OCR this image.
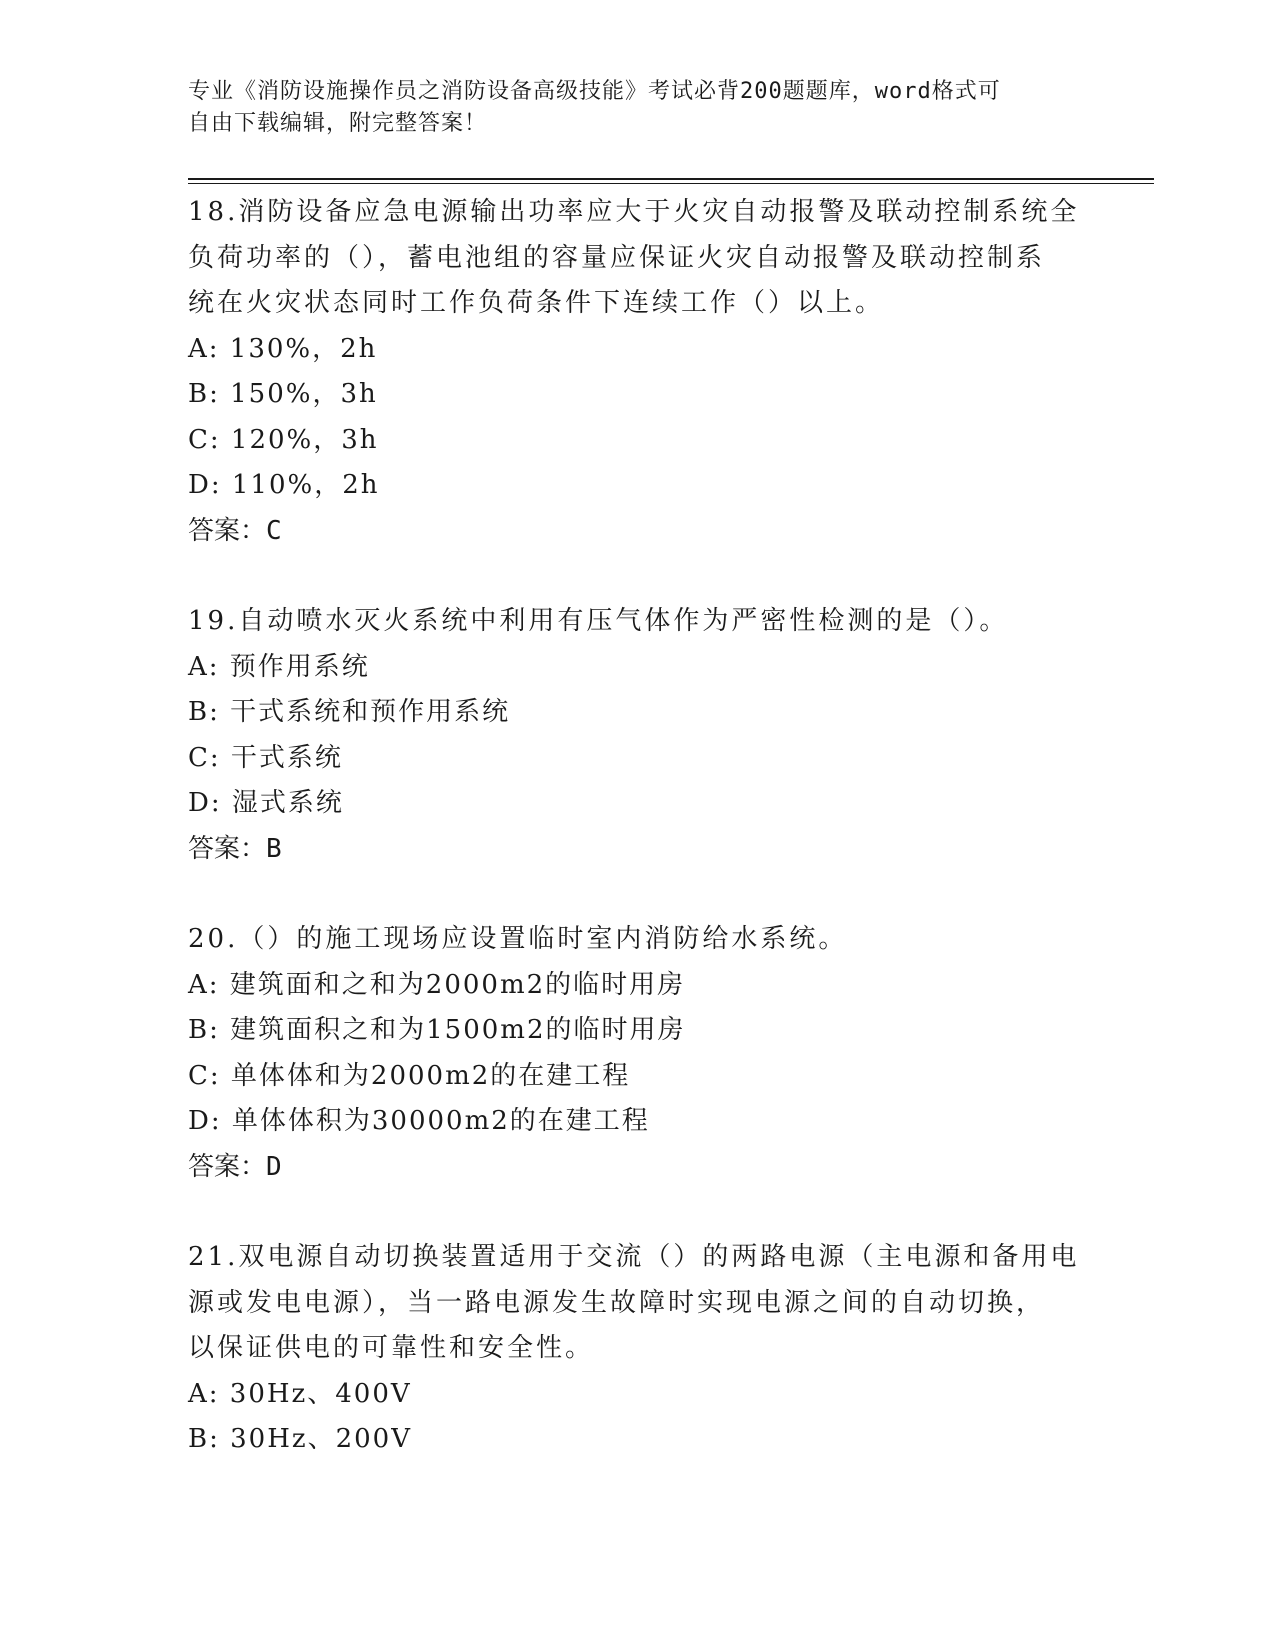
专业《消防设施操作员之消防设备高级技能》考试必背200题题库，word格式可
自由下载编辑，附完整答案！
18.消防设备应急电源输出功率应大于火灾自动报警及联动控制系统全
负荷功率的（），蓄电池组的容量应保证火灾自动报警及联动控制系
统在火灾状态同时工作负荷条件下连续工作（）以上。
A: 130%，2h
B: 150%，3h
C: 120%，3h
D: 110%，2h
答案：C
19.自动喷水灭火系统中利用有压气体作为严密性检测的是（）。
A: 预作用系统
B: 干式系统和预作用系统
C: 干式系统
D: 湿式系统
答案：B
20.（）的施工现场应设置临时室内消防给水系统。
A: 建筑面和之和为2000m2的临时用房
B: 建筑面积之和为1500m2的临时用房
C: 单体体和为2000m2的在建工程
D: 单体体积为30000m2的在建工程
答案：D
21.双电源自动切换装置适用于交流（）的两路电源（主电源和备用电
源或发电电源），当一路电源发生故障时实现电源之间的自动切换，
以保证供电的可靠性和安全性。
A: 30Hz、400V
B: 30Hz、200V
